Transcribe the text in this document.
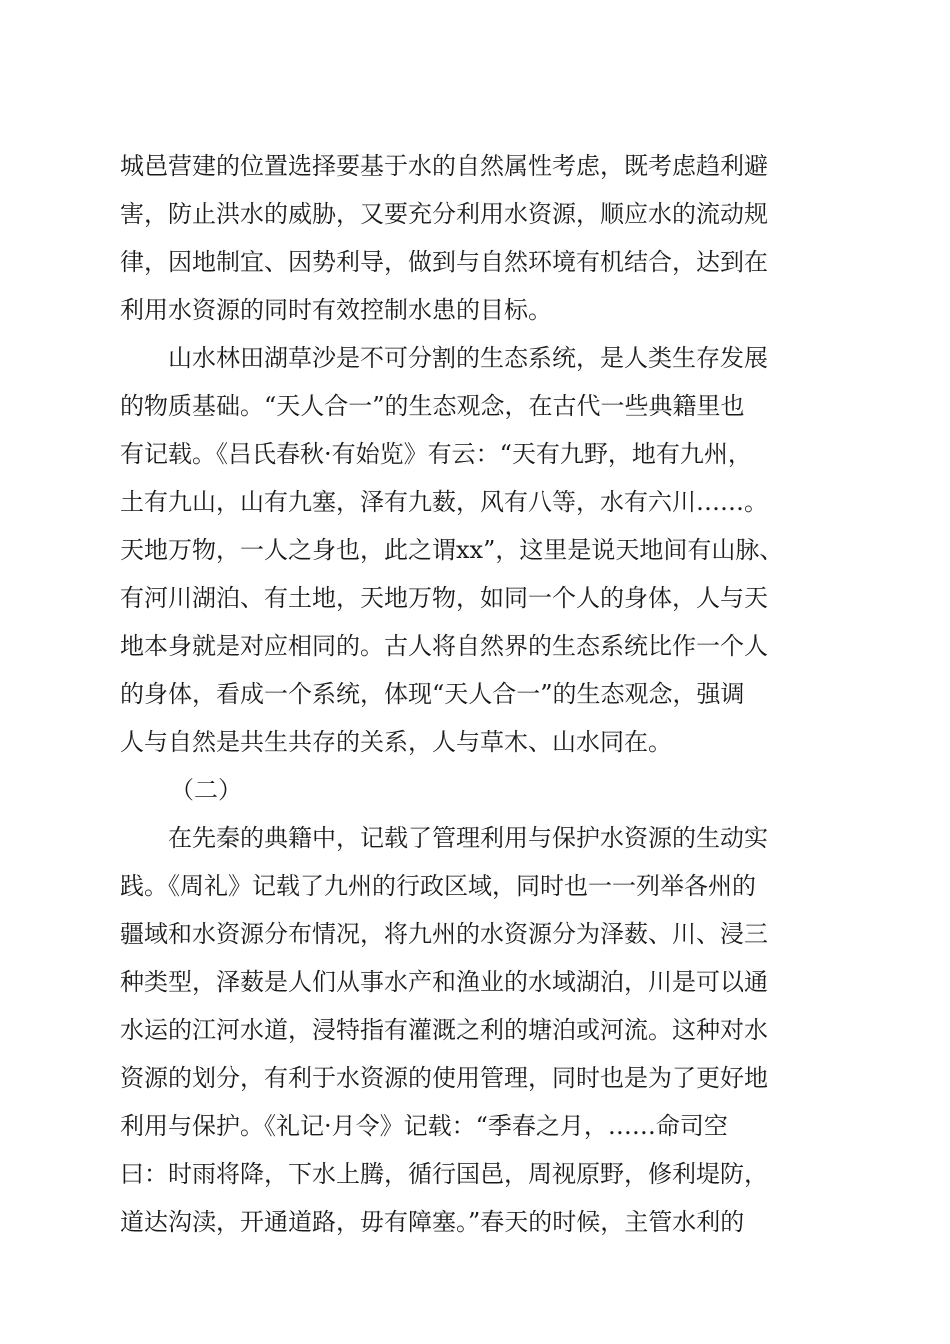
城邑营建的位置选择要基于水的自然属性考虑，既考虑趋利避
害，防止洪水的威胁，又要充分利用水资源，顺应水的流动规
律，因地制宜、因势利导，做到与自然环境有机结合，达到在
利用水资源的同时有效控制水患的目标。
山水林田湖草沙是不可分割的生态系统，是人类生存发展
的物质基础。“天人合一”的生态观念，在古代一些典籍里也
有记载。《吕氏春秋·有始览》有云：“天有九野，地有九州，
土有九山，山有九塞，泽有九薮，风有八等，水有六川……。
天地万物，一人之身也，此之谓xx”，这里是说天地间有山脉、
有河川湖泊、有土地，天地万物，如同一个人的身体，人与天
地本身就是对应相同的。古人将自然界的生态系统比作一个人
的身体，看成一个系统，体现“天人合一”的生态观念，强调
人与自然是共生共存的关系，人与草木、山水同在。
（二）
在先秦的典籍中，记载了管理利用与保护水资源的生动实
践。《周礼》记载了九州的行政区域，同时也一一列举各州的
疆域和水资源分布情况，将九州的水资源分为泽薮、川、浸三
种类型，泽薮是人们从事水产和渔业的水域湖泊，川是可以通
水运的江河水道，浸特指有灌溉之利的塘泊或河流。这种对水
资源的划分，有利于水资源的使用管理，同时也是为了更好地
利用与保护。《礼记·月令》记载：“季春之月，……命司空
曰：时雨将降，下水上腾，循行国邑，周视原野，修利堤防，
道达沟渎，开通道路，毋有障塞。”春天的时候，主管水利的
